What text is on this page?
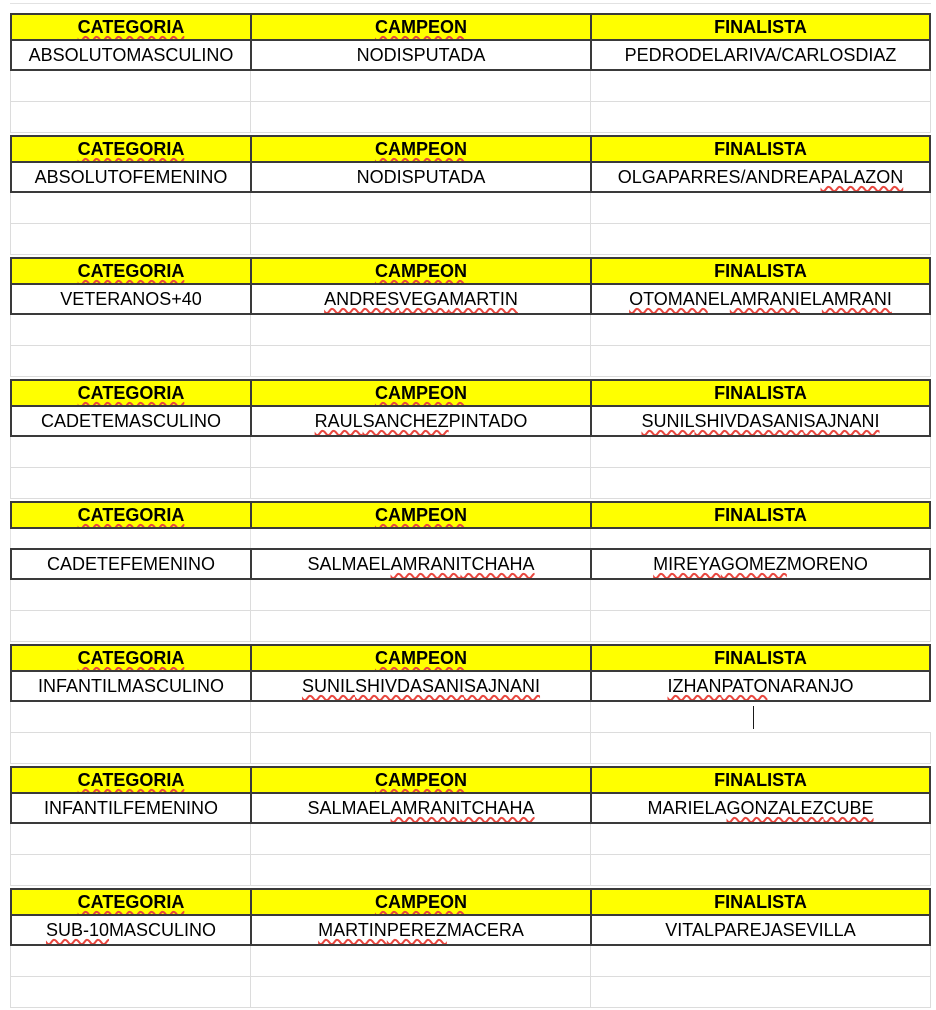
CATEGORIA	CAMPEON	FINALISTA
ABSOLUTO MASCULINO	NO DISPUTADA	PEDRO DE LA RIVA / CARLOS DIAZ
CATEGORIA	CAMPEON	FINALISTA
ABSOLUTO FEMENINO	NO DISPUTADA	OLGA PARRES / ANDREA PALAZON
CATEGORIA	CAMPEON	FINALISTA
VETERANOS+40	ANDRES VEGA MARTIN	OTOMAN EL AMRANI EL AMRANI
CATEGORIA	CAMPEON	FINALISTA
CADETE MASCULINO	RAUL SANCHEZ PINTADO	SUNIL SHIVDASANI SAJNANI
CATEGORIA	CAMPEON	FINALISTA
CADETE FEMENINO	SALMA EL AMRANI TCHAHA	MIREYA GOMEZ MORENO
CATEGORIA	CAMPEON	FINALISTA
INFANTIL MASCULINO	SUNIL SHIVDASANI SAJNANI	IZHAN PATO NARANJO
CATEGORIA	CAMPEON	FINALISTA
INFANTIL FEMENINO	SALMA EL AMRANI TCHAHA	MARIELA GONZALEZ CUBE
CATEGORIA	CAMPEON	FINALISTA
SUB-10 MASCULINO	MARTIN PEREZ MACERA	VITAL PAREJA SEVILLA
